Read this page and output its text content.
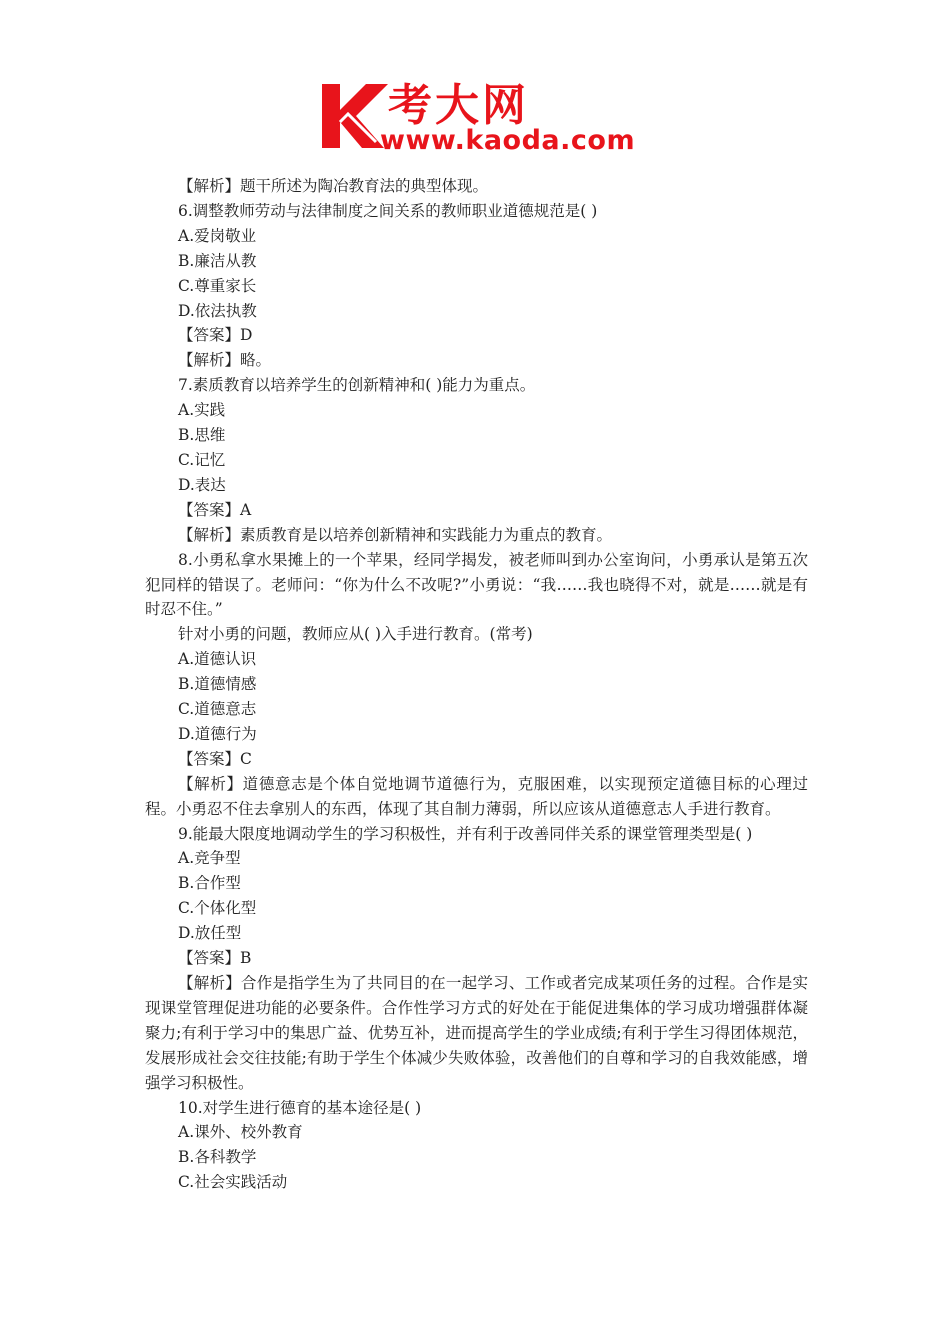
考大网
www.kaoda.com

【解析】题干所述为陶冶教育法的典型体现。

6.调整教师劳动与法律制度之间关系的教师职业道德规范是( )

A.爱岗敬业

B.廉洁从教

C.尊重家长

D.依法执教

【答案】D

【解析】略。

7.素质教育以培养学生的创新精神和( )能力为重点。

A.实践

B.思维

C.记忆

D.表达

【答案】A

【解析】素质教育是以培养创新精神和实践能力为重点的教育。

8.小勇私拿水果摊上的一个苹果，经同学揭发，被老师叫到办公室询问，小勇承认是第五次犯同样的错误了。老师问：“你为什么不改呢?”小勇说：“我……我也晓得不对，就是……就是有时忍不住。”

针对小勇的问题，教师应从( )入手进行教育。(常考)

A.道德认识

B.道德情感

C.道德意志

D.道德行为

【答案】C

【解析】道德意志是个体自觉地调节道德行为，克服困难，以实现预定道德目标的心理过程。小勇忍不住去拿别人的东西，体现了其自制力薄弱，所以应该从道德意志人手进行教育。

9.能最大限度地调动学生的学习积极性，并有利于改善同伴关系的课堂管理类型是( )

A.竞争型

B.合作型

C.个体化型

D.放任型

【答案】B

【解析】合作是指学生为了共同目的在一起学习、工作或者完成某项任务的过程。合作是实现课堂管理促进功能的必要条件。合作性学习方式的好处在于能促进集体的学习成功增强群体凝聚力;有利于学习中的集思广益、优势互补，进而提高学生的学业成绩;有利于学生习得团体规范，发展形成社会交往技能;有助于学生个体减少失败体验，改善他们的自尊和学习的自我效能感，增强学习积极性。

10.对学生进行德育的基本途径是( )

A.课外、校外教育

B.各科教学

C.社会实践活动
